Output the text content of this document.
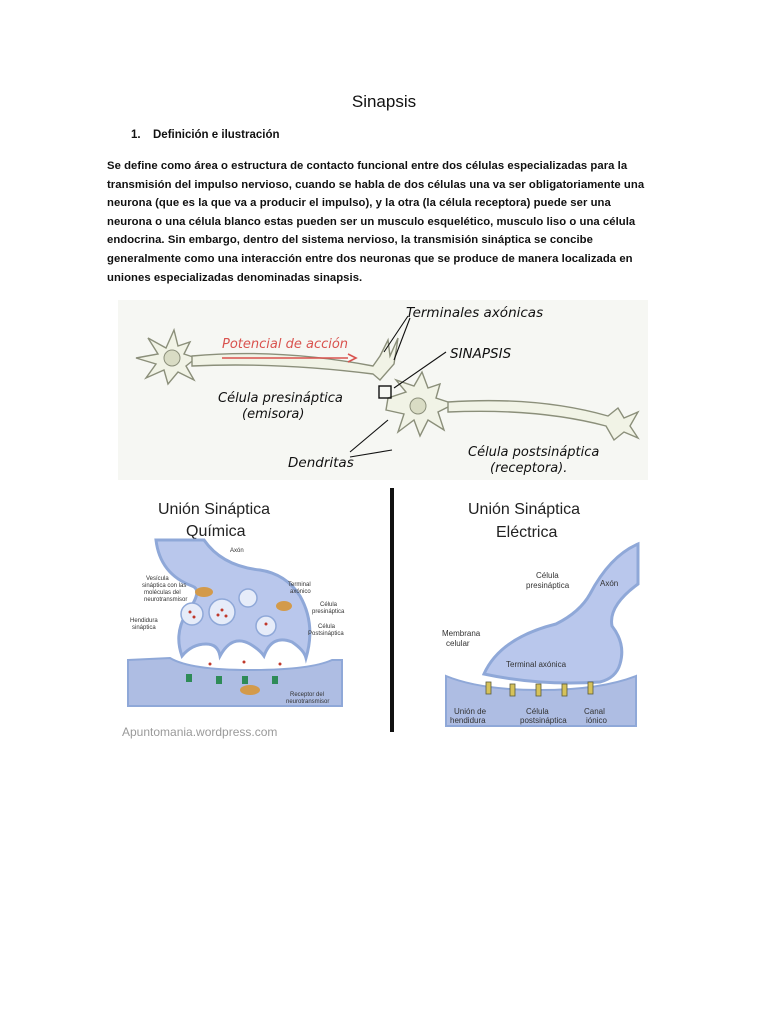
Sinapsis
1. Definición e ilustración
Se define como área o estructura de contacto funcional entre dos células especializadas para la
transmisión del impulso nervioso, cuando se habla de dos células una va ser obligatoriamente una
neurona (que es la que va a producir el impulso), y la otra (la célula receptora) puede ser una
neurona o una célula blanco estas pueden ser un musculo esquelético, musculo liso o una célula
endocrina. Sin embargo, dentro del sistema nervioso, la transmisión sináptica se concibe
generalmente como una interacción entre dos neuronas que se produce de manera localizada en
uniones especializadas denominadas sinapsis.
Terminales axónicas
SINAPSIS
Célula presináptica
(emisora)
Dendritas
Célula postsináptica
(receptora).
Potencial de acción
Unión Sináptica
Química
Axón
Vesícula
sináptica con las
moléculas del
neurotransmisor
Terminal
axónico
Célula
presináptica
Hendidura
sináptica	Célula
Postsináptica
Receptor del
neurotransmisor
Apuntomania.wordpress.com
Unión Sináptica
Eléctrica
Célula
presináptica	Axón
Membrana
celular
Terminal axónica
Unión de
hendidura
Célula
postsináptica
Canal
iónico
